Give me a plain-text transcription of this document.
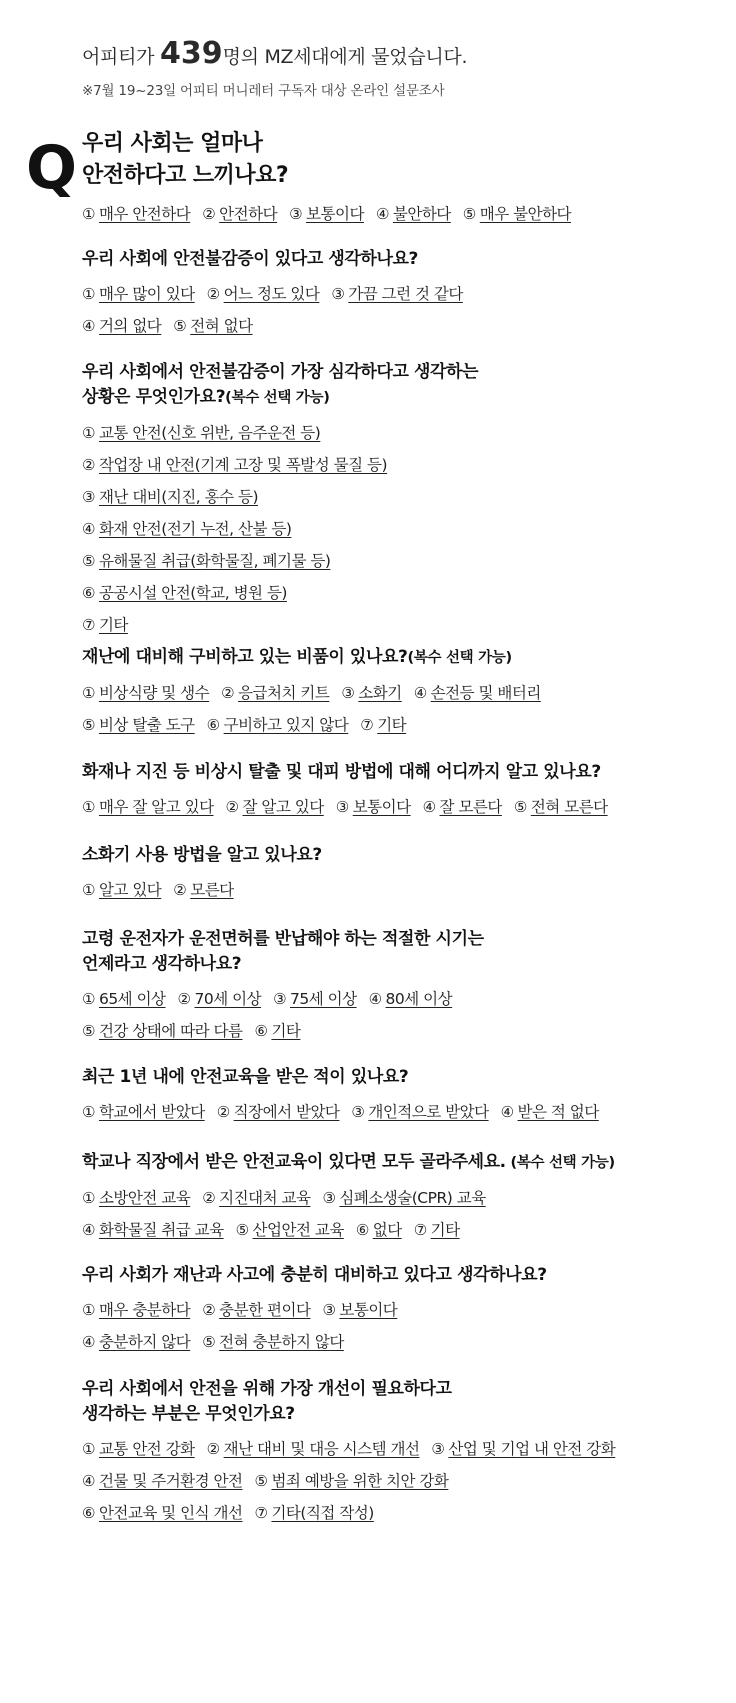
어피티가 439명의 MZ세대에게 물었습니다.
※7월 19~23일 어피티 머니레터 구독자 대상 온라인 설문조사
Q 우리 사회는 얼마나
안전하다고 느끼나요?
① 매우 안전하다 ② 안전하다 ③ 보통이다 ④ 불안하다 ⑤ 매우 불안하다
우리 사회에 안전불감증이 있다고 생각하나요?
① 매우 많이 있다 ② 어느 정도 있다 ③ 가끔 그런 것 같다
④ 거의 없다 ⑤ 전혀 없다
우리 사회에서 안전불감증이 가장 심각하다고 생각하는
상황은 무엇인가요?(복수 선택 가능)
① 교통 안전(신호 위반, 음주운전 등)
② 작업장 내 안전(기계 고장 및 폭발성 물질 등)
③ 재난 대비(지진, 홍수 등)
④ 화재 안전(전기 누전, 산불 등)
⑤ 유해물질 취급(화학물질, 폐기물 등)
⑥ 공공시설 안전(학교, 병원 등)
⑦ 기타
재난에 대비해 구비하고 있는 비품이 있나요?(복수 선택 가능)
① 비상식량 및 생수 ② 응급처치 키트 ③ 소화기 ④ 손전등 및 배터리
⑤ 비상 탈출 도구 ⑥ 구비하고 있지 않다 ⑦ 기타
화재나 지진 등 비상시 탈출 및 대피 방법에 대해 어디까지 알고 있나요?
① 매우 잘 알고 있다 ② 잘 알고 있다 ③ 보통이다 ④ 잘 모른다 ⑤ 전혀 모른다
소화기 사용 방법을 알고 있나요?
① 알고 있다 ② 모른다
고령 운전자가 운전면허를 반납해야 하는 적절한 시기는
언제라고 생각하나요?
① 65세 이상 ② 70세 이상 ③ 75세 이상 ④ 80세 이상
⑤ 건강 상태에 따라 다름 ⑥ 기타
최근 1년 내에 안전교육을 받은 적이 있나요?
① 학교에서 받았다 ② 직장에서 받았다 ③ 개인적으로 받았다 ④ 받은 적 없다
학교나 직장에서 받은 안전교육이 있다면 모두 골라주세요. (복수 선택 가능)
① 소방안전 교육 ② 지진대처 교육 ③ 심폐소생술(CPR) 교육
④ 화학물질 취급 교육 ⑤ 산업안전 교육 ⑥ 없다 ⑦ 기타
우리 사회가 재난과 사고에 충분히 대비하고 있다고 생각하나요?
① 매우 충분하다 ② 충분한 편이다 ③ 보통이다
④ 충분하지 않다 ⑤ 전혀 충분하지 않다
우리 사회에서 안전을 위해 가장 개선이 필요하다고
생각하는 부분은 무엇인가요?
① 교통 안전 강화 ② 재난 대비 및 대응 시스템 개선 ③ 산업 및 기업 내 안전 강화
④ 건물 및 주거환경 안전 ⑤ 범죄 예방을 위한 치안 강화
⑥ 안전교육 및 인식 개선 ⑦ 기타(직접 작성)
